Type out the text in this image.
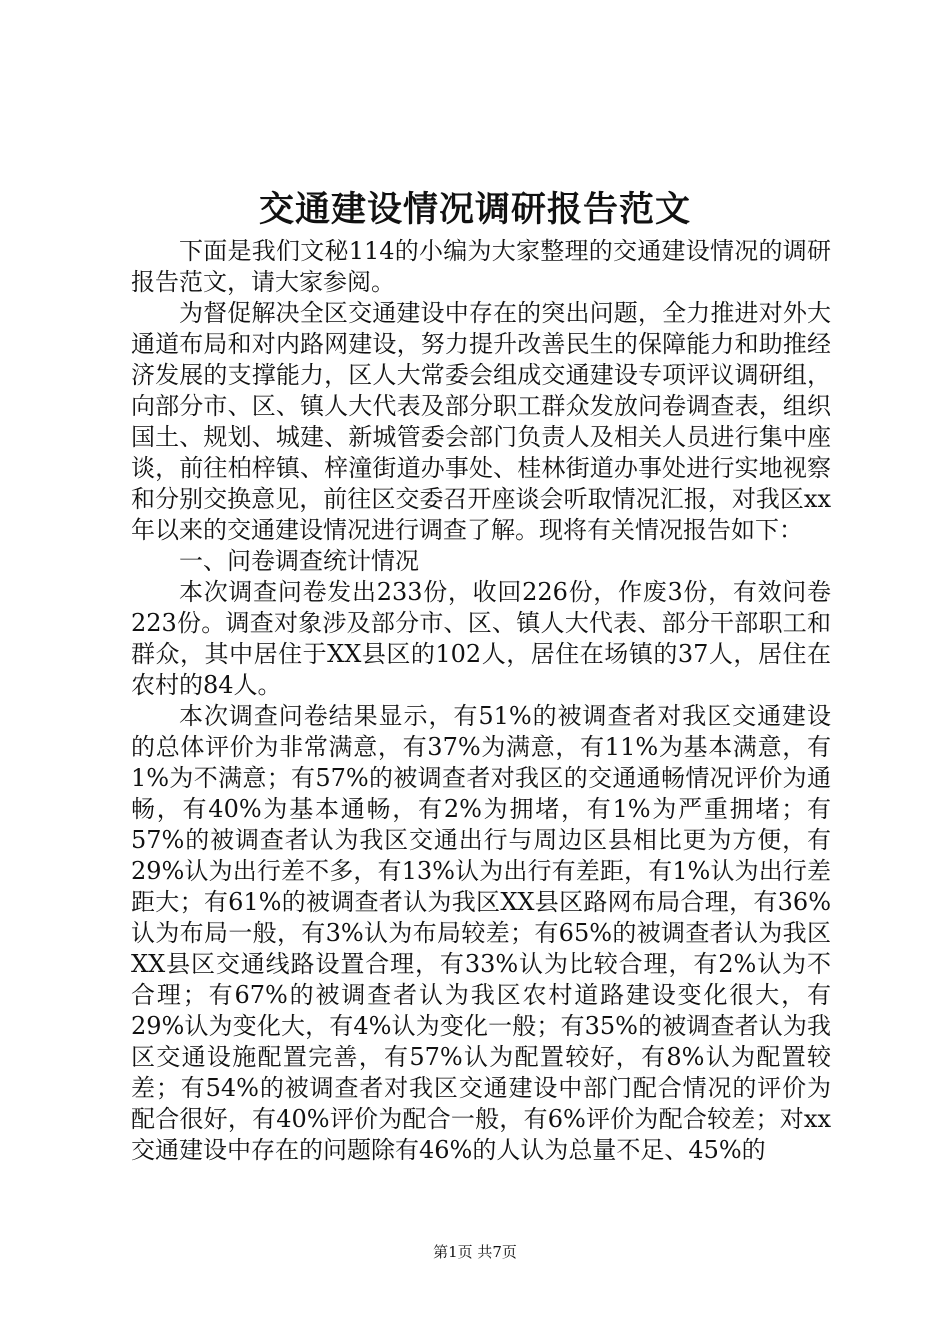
交通建设情况调研报告范文

下面是我们文秘114的小编为大家整理的交通建设情况的调研报告范文，请大家参阅。

为督促解决全区交通建设中存在的突出问题，全力推进对外大通道布局和对内路网建设，努力提升改善民生的保障能力和助推经济发展的支撑能力，区人大常委会组成交通建设专项评议调研组，向部分市、区、镇人大代表及部分职工群众发放问卷调查表，组织国土、规划、城建、新城管委会部门负责人及相关人员进行集中座谈，前往柏梓镇、梓潼街道办事处、桂林街道办事处进行实地视察和分别交换意见，前往区交委召开座谈会听取情况汇报，对我区xx年以来的交通建设情况进行调查了解。现将有关情况报告如下：

一、问卷调查统计情况

本次调查问卷发出233份，收回226份，作废3份，有效问卷223份。调查对象涉及部分市、区、镇人大代表、部分干部职工和群众，其中居住于XX县区的102人，居住在场镇的37人，居住在农村的84人。

本次调查问卷结果显示，有51%的被调查者对我区交通建设的总体评价为非常满意，有37%为满意，有11%为基本满意，有1%为不满意；有57%的被调查者对我区的交通通畅情况评价为通畅，有40%为基本通畅，有2%为拥堵，有1%为严重拥堵；有57%的被调查者认为我区交通出行与周边区县相比更为方便，有29%认为出行差不多，有13%认为出行有差距，有1%认为出行差距大；有61%的被调查者认为我区XX县区路网布局合理，有36%认为布局一般，有3%认为布局较差；有65%的被调查者认为我区XX县区交通线路设置合理，有33%认为比较合理，有2%认为不合理；有67%的被调查者认为我区农村道路建设变化很大，有29%认为变化大，有4%认为变化一般；有35%的被调查者认为我区交通设施配置完善，有57%认为配置较好，有8%认为配置较差；有54%的被调查者对我区交通建设中部门配合情况的评价为配合很好，有40%评价为配合一般，有6%评价为配合较差；对xx交通建设中存在的问题除有46%的人认为总量不足、45%的

第1页 共7页
